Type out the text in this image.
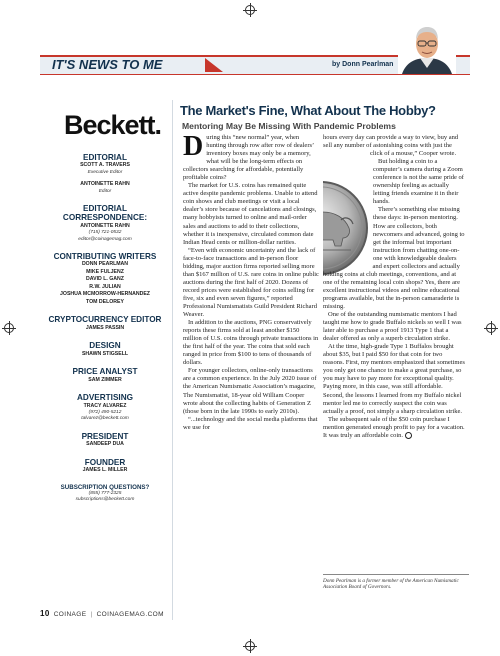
IT'S NEWS TO ME	by Donn Pearlman
Beckett.
EDITORIAL
SCOTT A. TRAVERS
Executive Editor
ANTOINETTE RAHN
Editor
EDITORIAL CORRESPONDENCE:
ANTOINETTE RAHN
(715) 721-0532
editor@coinagemag.com
CONTRIBUTING WRITERS
DONN PEARLMAN
MIKE FULJENZ
DAVID L. GANZ
R.W. JULIAN
JOSHUA MCMORROW-HERNANDEZ
TOM DELOREY
CRYPTOCURRENCY EDITOR
JAMES PASSIN
DESIGN
SHAWN STIGSELL
PRICE ANALYST
SAM ZIMMER
ADVERTISING
TRACY ALVAREZ
(972) 490-5212
talvarez@beckett.com
PRESIDENT
SANDEEP DUA
FOUNDER
JAMES L. MILLER
SUBSCRIPTION QUESTIONS?
(855) 777-2325
subscriptions@beckett.com
The Market's Fine, What About The Hobby?
Mentoring May Be Missing With Pandemic Problems
D uring this “new normal” year, when hunting through row after row of dealers’ inventory boxes may only be a memory, what will be the long-term effects on collectors searching for affordable, potentially profitable coins?

The market for U.S. coins has remained quite active despite pandemic problems. Unable to attend coin shows and club meetings or visit a local dealer’s store because of cancelations and closings, many hobbyists turned to online and mail-order sales and auctions to add to their collections, whether it is inexpensive, circulated common date Indian Head cents or million-dollar rarities.

“Even with economic uncertainty and the lack of face-to-face transactions and in-person floor bidding, major auction firms reported selling more than $167 million of U.S. rare coins in online public auctions during the first half of 2020. Dozens of record prices were established for coins selling for five, six and even seven figures,” reported Professional Numismatists Guild President Richard Weaver.

In addition to the auctions, PNG conservatively reports these firms sold at least another $150 million of U.S. coins through private transactions in the first half of the year. The coins that sold each ranged in price from $100 to tens of thousands of dollars.

For younger collectors, online-only transactions are a common experience. In the July 2020 issue of the American Numismatic Association’s magazine, The Numismatist, 18-year old William Cooper wrote about the collecting habits of Generation Z (those born in the late 1990s to early 2010s).

“...technology and the social media platforms that we use for

hours every day can provide a way to view, buy and sell any number of astonishing coins with just the click of a mouse,” Cooper wrote.

But holding a coin to a computer’s camera during a Zoom conference is not the same pride of ownership feeling as actually letting friends examine it in their hands.

There’s something else missing these days: in-person mentoring. How are collectors, both newcomers and advanced, going to get the informal but important instruction from chatting one-on-one with knowledgeable dealers and expert collectors and actually holding coins at club meetings, conventions, and at one of the remaining local coin shops? Yes, there are excellent instructional videos and online educational programs available, but the in-person camaraderie is missing.

One of the outstanding numismatic mentors I had taught me how to grade Buffalo nickels so well I was later able to purchase a proof 1913 Type 1 that a dealer offered as only a superb circulation strike.

At the time, high-grade Type 1 Buffalos brought about $35, but I paid $50 for that coin for two reasons. First, my mentors emphasized that sometimes you only get one chance to make a great purchase, so you may have to pay more for exceptional quality. Paying more, in this case, was still affordable. Second, the lessons I learned from my Buffalo nickel mentor led me to correctly suspect the coin was actually a proof, not simply a sharp circulation strike.

The subsequent sale of the $50 coin purchase I mention generated enough profit to pay for a vacation. It was truly an affordable coin.

Donn Pearlman is a former member of the American Numismatic Association Board of Governors.
10 COINAGE | COINAGEMAG.COM
